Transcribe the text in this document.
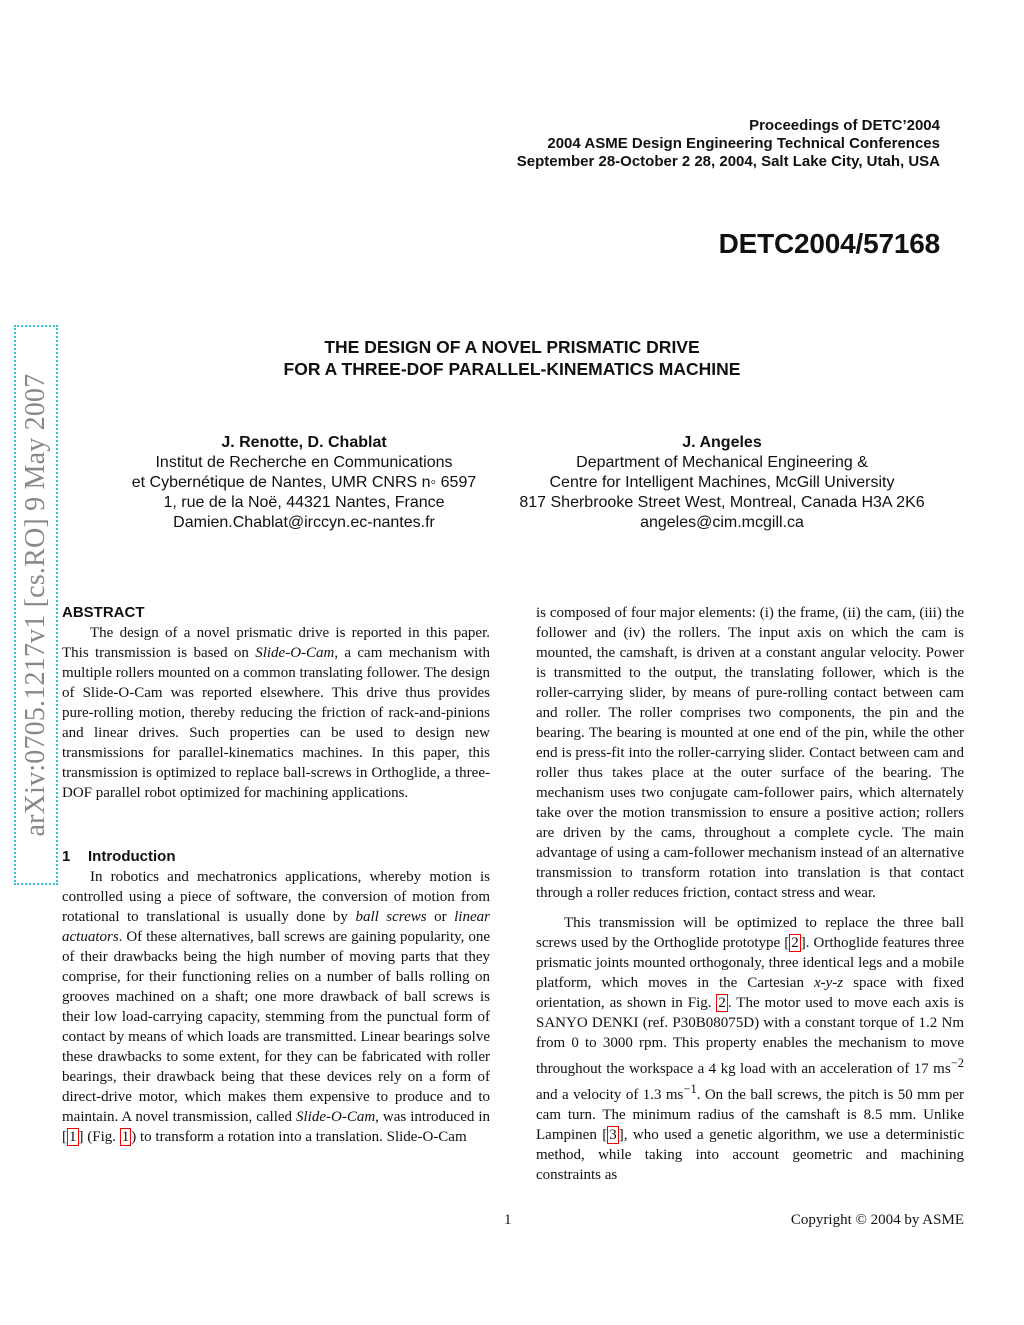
Proceedings of DETC’2004
2004 ASME Design Engineering Technical Conferences
September 28-October 2 28, 2004, Salt Lake City, Utah, USA
DETC2004/57168
THE DESIGN OF A NOVEL PRISMATIC DRIVE
FOR A THREE-DOF PARALLEL-KINEMATICS MACHINE
J. Renotte, D. Chablat
Institut de Recherche en Communications
et Cybernétique de Nantes, UMR CNRS n◦ 6597
1, rue de la Noë, 44321 Nantes, France
Damien.Chablat@irccyn.ec-nantes.fr
J. Angeles
Department of Mechanical Engineering &
Centre for Intelligent Machines, McGill University
817 Sherbrooke Street West, Montreal, Canada H3A 2K6
angeles@cim.mcgill.ca
arXiv:0705.1217v1 [cs.RO] 9 May 2007 ABSTRACT

The design of a novel prismatic drive is reported in this paper. This transmission is based on Slide-O-Cam, a cam mechanism with multiple rollers mounted on a common translating follower. The design of Slide-O-Cam was reported elsewhere. This drive thus provides pure-rolling motion, thereby reducing the friction of rack-and-pinions and linear drives. Such properties can be used to design new transmissions for parallel-kinematics machines. In this paper, this transmission is optimized to replace ball-screws in Orthoglide, a three-DOF parallel robot optimized for machining applications.

1 Introduction

In robotics and mechatronics applications, whereby motion is controlled using a piece of software, the conversion of motion from rotational to translational is usually done by ball screws or linear actuators. Of these alternatives, ball screws are gaining popularity, one of their drawbacks being the high number of moving parts that they comprise, for their functioning relies on a number of balls rolling on grooves machined on a shaft; one more drawback of ball screws is their low load-carrying capacity, stemming from the punctual form of contact by means of which loads are transmitted. Linear bearings solve these drawbacks to some extent, for they can be fabricated with roller bearings, their drawback being that these devices rely on a form of direct-drive motor, which makes them expensive to produce and to maintain. A novel transmission, called Slide-O-Cam, was introduced in [ 1 ] (Fig. 1 ) to transform a rotation into a translation. Slide-O-Cam

is composed of four major elements: (i) the frame, (ii) the cam, (iii) the follower and (iv) the rollers. The input axis on which the cam is mounted, the camshaft, is driven at a constant angular velocity. Power is transmitted to the output, the translating follower, which is the roller-carrying slider, by means of pure-rolling contact between cam and roller. The roller comprises two components, the pin and the bearing. The bearing is mounted at one end of the pin, while the other end is press-fit into the roller-carrying slider. Contact between cam and roller thus takes place at the outer surface of the bearing. The mechanism uses two conjugate cam-follower pairs, which alternately take over the motion transmission to ensure a positive action; rollers are driven by the cams, throughout a complete cycle. The main advantage of using a cam-follower mechanism instead of an alternative transmission to transform rotation into translation is that contact through a roller reduces friction, contact stress and wear.

This transmission will be optimized to replace the three ball screws used by the Orthoglide prototype [ 2 ]. Orthoglide features three prismatic joints mounted orthogonaly, three identical legs and a mobile platform, which moves in the Cartesian x-y-z space with fixed orientation, as shown in Fig. 2 . The motor used to move each axis is SANYO DENKI (ref. P30B08075D) with a constant torque of 1.2 Nm from 0 to 3000 rpm. This property enables the mechanism to move throughout the workspace a 4 kg load with an acceleration of 17 $ms^{-2}$ and a velocity of 1.3 $ms^{-1}$. On the ball screws, the pitch is 50 mm per cam turn. The minimum radius of the camshaft is 8.5 mm. Unlike Lampinen [ 3 ], who used a genetic algorithm, we use a deterministic method, while taking into account geometric and machining constraints as

1	Copyright © 2004 by ASME
